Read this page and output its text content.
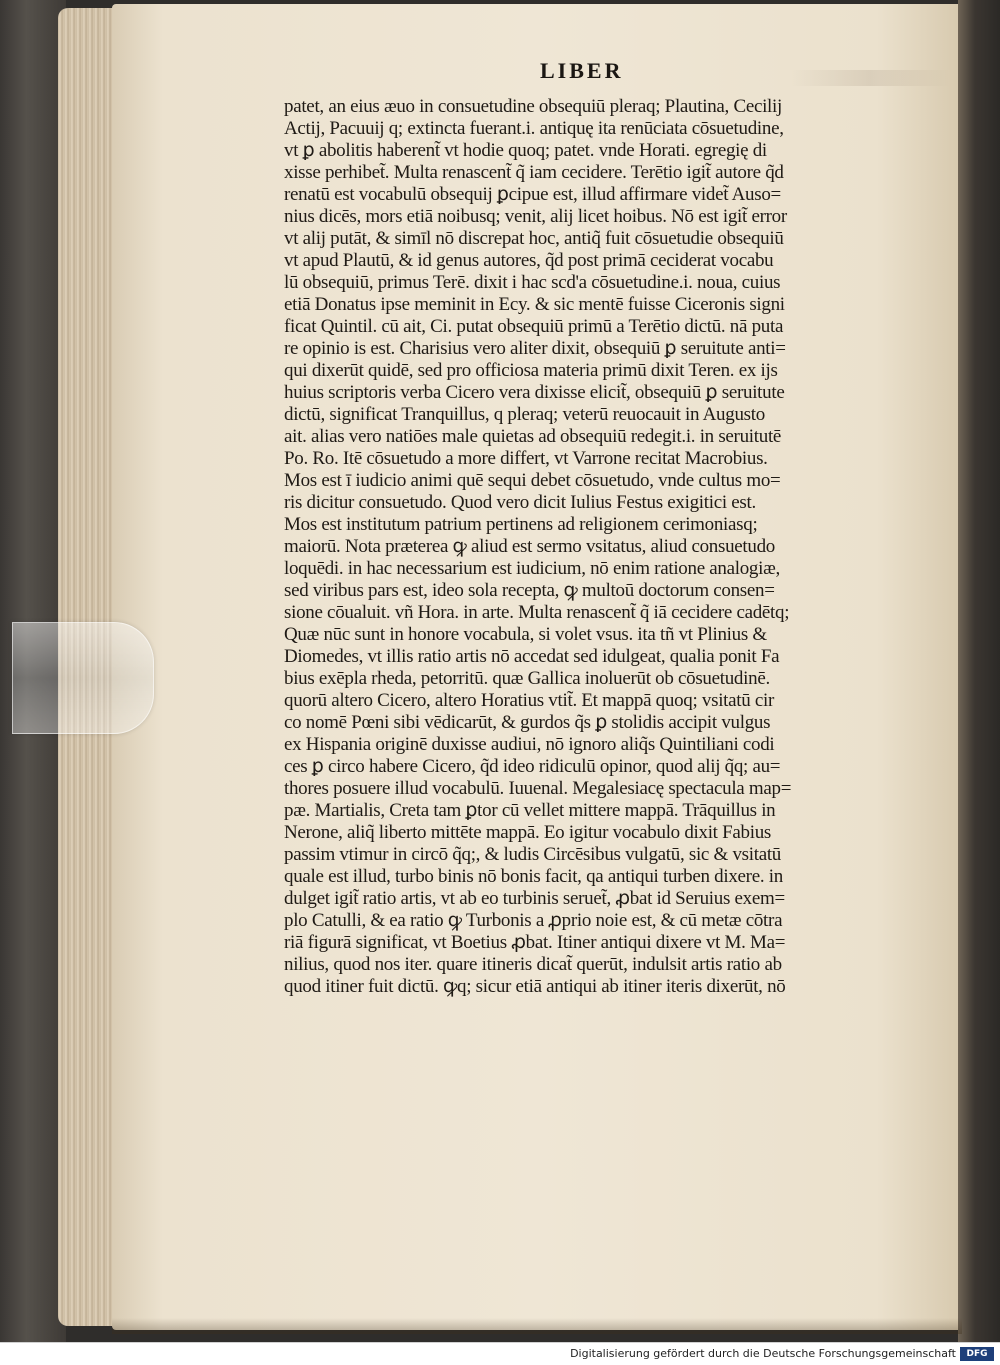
LIBER
patet, an eius æuo in consuetudine obsequiū pleraq; Plautina, Cecilij
Actij, Pacuuij q; extincta fuerant.i. antiquę ita renūciata cōsuetudine,
vt ꝑ abolitis haberent̃ vt hodie quoq; patet. vnde Horati. egregię di
xisse perhibet̃. Multa renascent̃ q̃ iam cecidere. Terētio igit̃ autore q̃d
renatū est vocabulū obsequij ꝑcipue est, illud affirmare videt̃ Auso=
nius dicēs, mors etiā noibusq; venit, alij licet hoibus. Nō est igit̃ error
vt alij putāt, & simīl nō discrepat hoc, antiq̃ fuit cōsuetudie obsequiū
vt apud Plautū, & id genus autores, q̃d post primā ceciderat vocabu
lū obsequiū, primus Terē. dixit i hac scd'a cōsuetudine.i. noua, cuius
etiā Donatus ipse meminit in Ecy. & sic mentē fuisse Ciceronis signi
ficat Quintil. cū ait, Ci. putat obsequiū primū a Terētio dictū. nā puta
re opinio is est. Charisius vero aliter dixit, obsequiū ꝑ seruitute anti=
qui dixerūt quidē, sed pro officiosa materia primū dixit Teren. ex ijs
huius scriptoris verba Cicero vera dixisse elicit̃, obsequiū ꝑ seruitute
dictū, significat Tranquillus, q pleraq; veterū reuocauit in Augusto
ait. alias vero natiōes male quietas ad obsequiū redegit.i. in seruitutē
Po. Ro. Itē cōsuetudo a more differt, vt Varrone recitat Macrobius.
Mos est ī iudicio animi quē sequi debet cōsuetudo, vnde cultus mo=
ris dicitur consuetudo. Quod vero dicit Iulius Festus exigitici est.
Mos est institutum patrium pertinens ad religionem cerimoniasq;
maiorū. Nota præterea ꝙ aliud est sermo vsitatus, aliud consuetudo
loquēdi. in hac necessarium est iudicium, nō enim ratione analogiæ,
sed viribus pars est, ideo sola recepta, ꝙ multoū doctorum consen=
sione cōualuit. vñ Hora. in arte. Multa renascent̃ q̃ iā cecidere cadētq;
Quæ nūc sunt in honore vocabula, si volet vsus. ita tñ vt Plinius &
Diomedes, vt illis ratio artis nō accedat sed idulgeat, qualia ponit Fa
bius exēpla rheda, petorritū. quæ Gallica inoluerūt ob cōsuetudinē.
quorū altero Cicero, altero Horatius vtit̃. Et mappā quoq; vsitatū cir
co nomē Pœni sibi vēdicarūt, & gurdos q̃s ꝑ stolidis accipit vulgus
ex Hispania originē duxisse audiui, nō ignoro aliq̃s Quintiliani codi
ces ꝑ circo habere Cicero, q̃d ideo ridiculū opinor, quod alij q̃q; au=
thores posuere illud vocabulū. Iuuenal. Megalesiacę spectacula map=
pæ. Martialis, Creta tam ꝑtor cū vellet mittere mappā. Trāquillus in
Nerone, aliq̃ liberto mittēte mappā. Eo igitur vocabulo dixit Fabius
passim vtimur in circō q̃q;, & ludis Circēsibus vulgatū, sic & vsitatū
quale est illud, turbo binis nō bonis facit, qa antiqui turben dixere. in
dulget igit̃ ratio artis, vt ab eo turbinis seruet̃, ꝓbat id Seruius exem=
plo Catulli, & ea ratio ꝙ Turbonis a ꝓprio noie est, & cū metæ cōtra
riā figurā significat, vt Boetius ꝓbat. Itiner antiqui dixere vt M. Ma=
nilius, quod nos iter. quare itineris dicat̃ querūt, indulsit artis ratio ab
quod itiner fuit dictū. ꝙq; sicur etiā antiqui ab itiner iteris dixerūt, nō
Digitalisierung gefördert durch die Deutsche Forschungsgemeinschaft	DFG
